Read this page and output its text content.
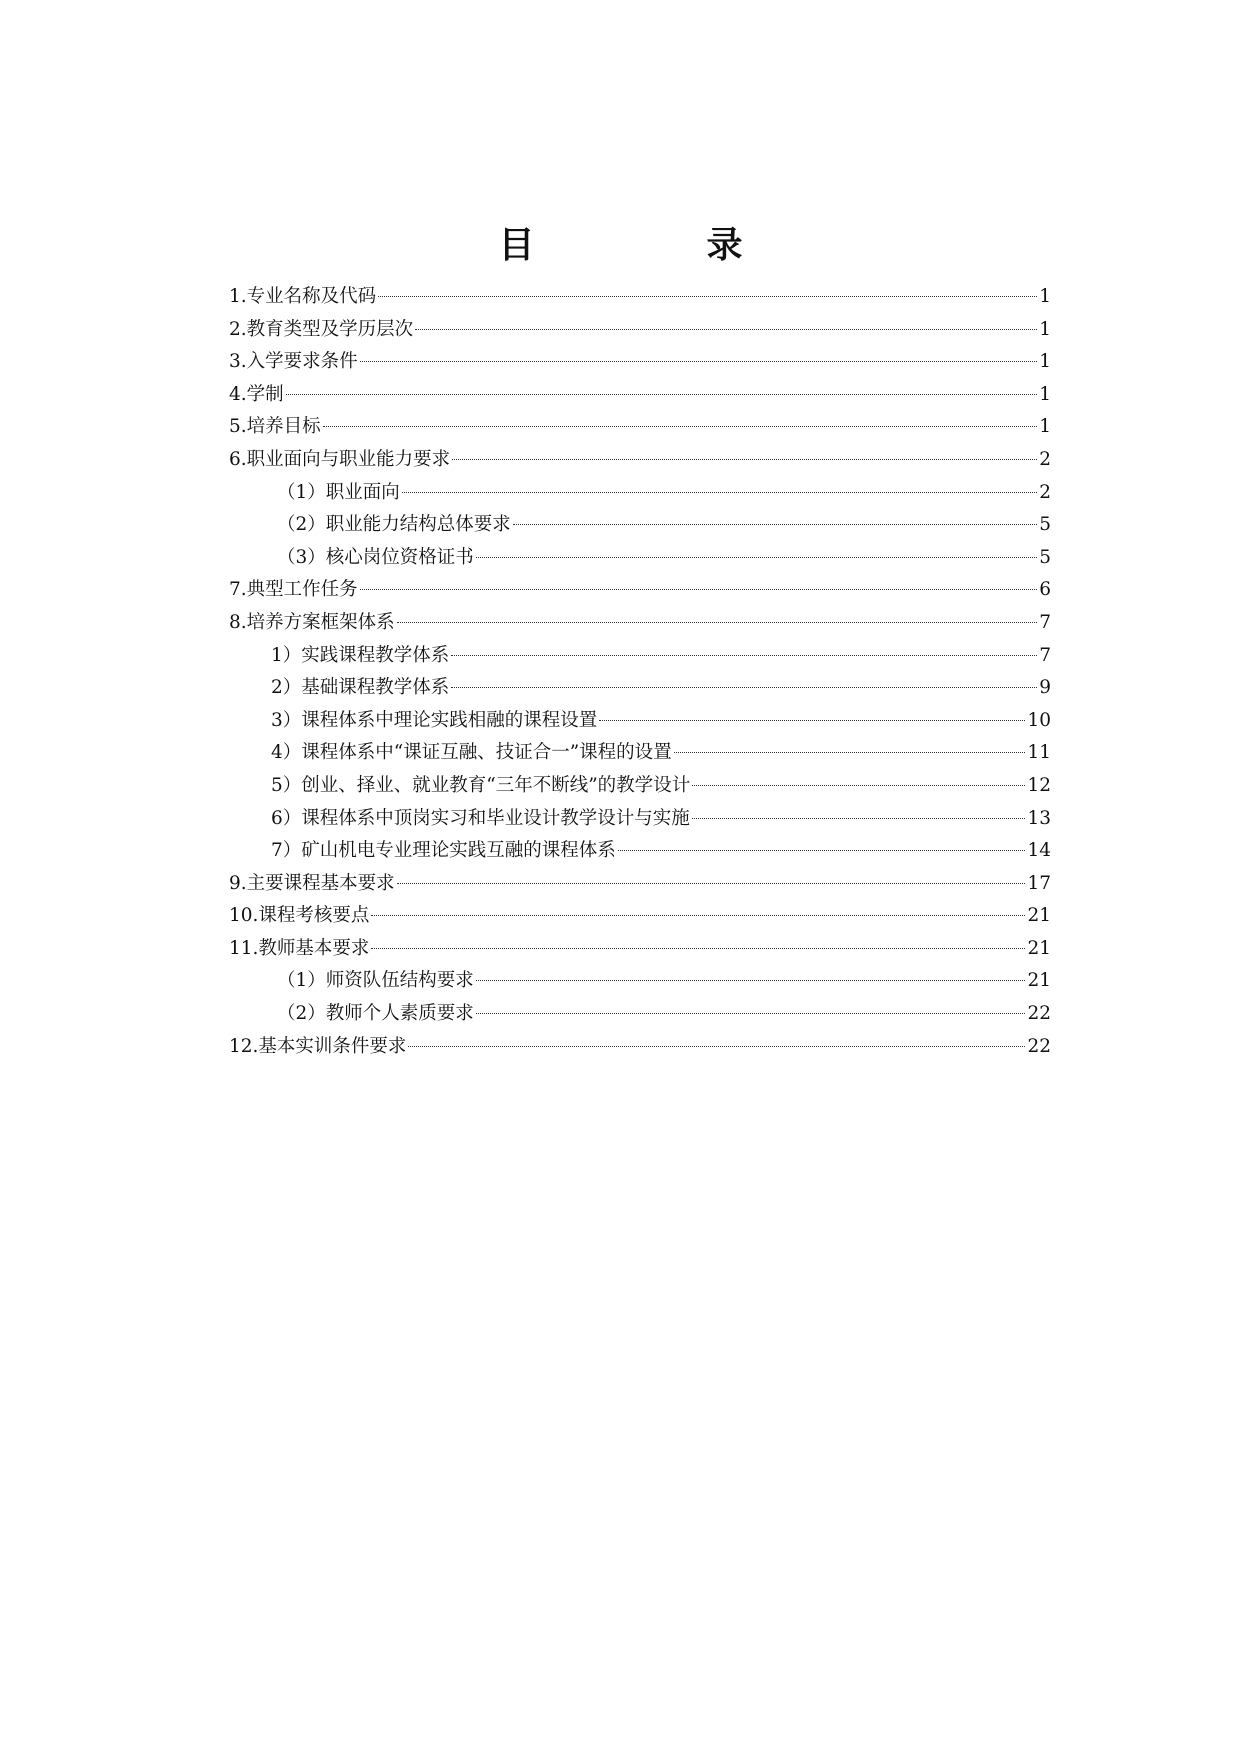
目　录
1.专业名称及代码	1
2.教育类型及学历层次	1
3.入学要求条件	1
4.学制	1
5.培养目标	1
6.职业面向与职业能力要求	2
（1）职业面向	2
（2）职业能力结构总体要求	5
（3）核心岗位资格证书	5
7.典型工作任务	6
8.培养方案框架体系	7
1）实践课程教学体系	7
2）基础课程教学体系	9
3）课程体系中理论实践相融的课程设置	10
4）课程体系中“课证互融、技证合一”课程的设置	11
5）创业、择业、就业教育“三年不断线”的教学设计	12
6）课程体系中顶岗实习和毕业设计教学设计与实施	13
7）矿山机电专业理论实践互融的课程体系	14
9.主要课程基本要求	17
10.课程考核要点	21
11.教师基本要求	21
（1）师资队伍结构要求	21
（2）教师个人素质要求	22
12.基本实训条件要求	22
